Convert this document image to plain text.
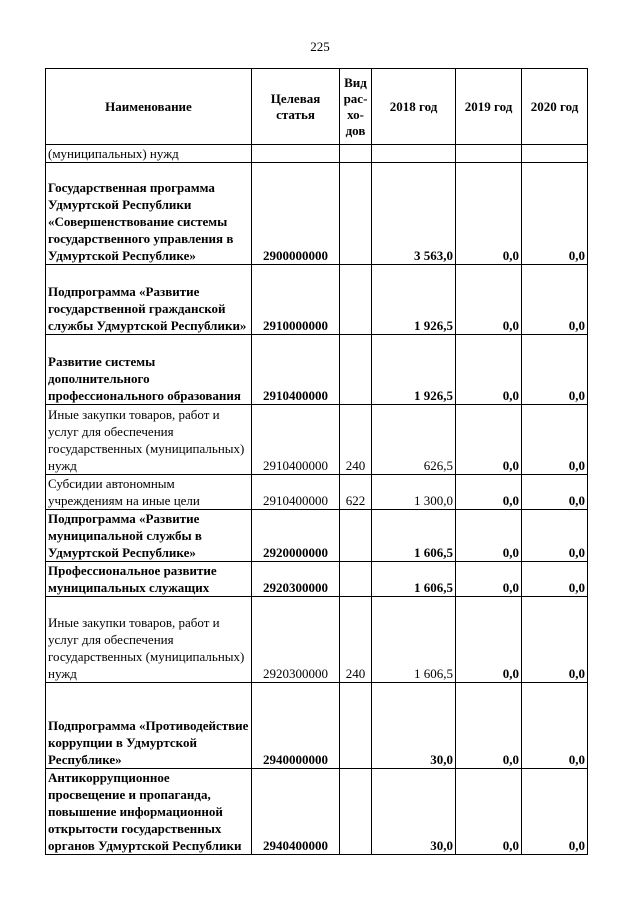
225
Наименование	Целевая статья	Вид рас-хо-дов	2018 год	2019 год	2020 год
(муниципальных) нужд					
Государственная программа Удмуртской Республики «Совершенствование системы государственного управления в Удмуртской Республике»	2900000000		3 563,0	0,0	0,0
Подпрограмма «Развитие государственной гражданской службы Удмуртской Республики»	2910000000		1 926,5	0,0	0,0
Развитие системы дополнительного профессионального образования	2910400000		1 926,5	0,0	0,0
Иные закупки товаров, работ и услуг для обеспечения государственных (муниципальных) нужд	2910400000	240	626,5	0,0	0,0
Субсидии автономным учреждениям на иные цели	2910400000	622	1 300,0	0,0	0,0
Подпрограмма «Развитие муниципальной службы в Удмуртской Республике»	2920000000		1 606,5	0,0	0,0
Профессиональное развитие муниципальных служащих	2920300000		1 606,5	0,0	0,0
Иные закупки товаров, работ и услуг для обеспечения государственных (муниципальных) нужд	2920300000	240	1 606,5	0,0	0,0
Подпрограмма «Противодействие коррупции в Удмуртской Республике»	2940000000		30,0	0,0	0,0
Антикоррупционное просвещение и пропаганда, повышение информационной открытости государственных органов Удмуртской Республики	2940400000		30,0	0,0	0,0
